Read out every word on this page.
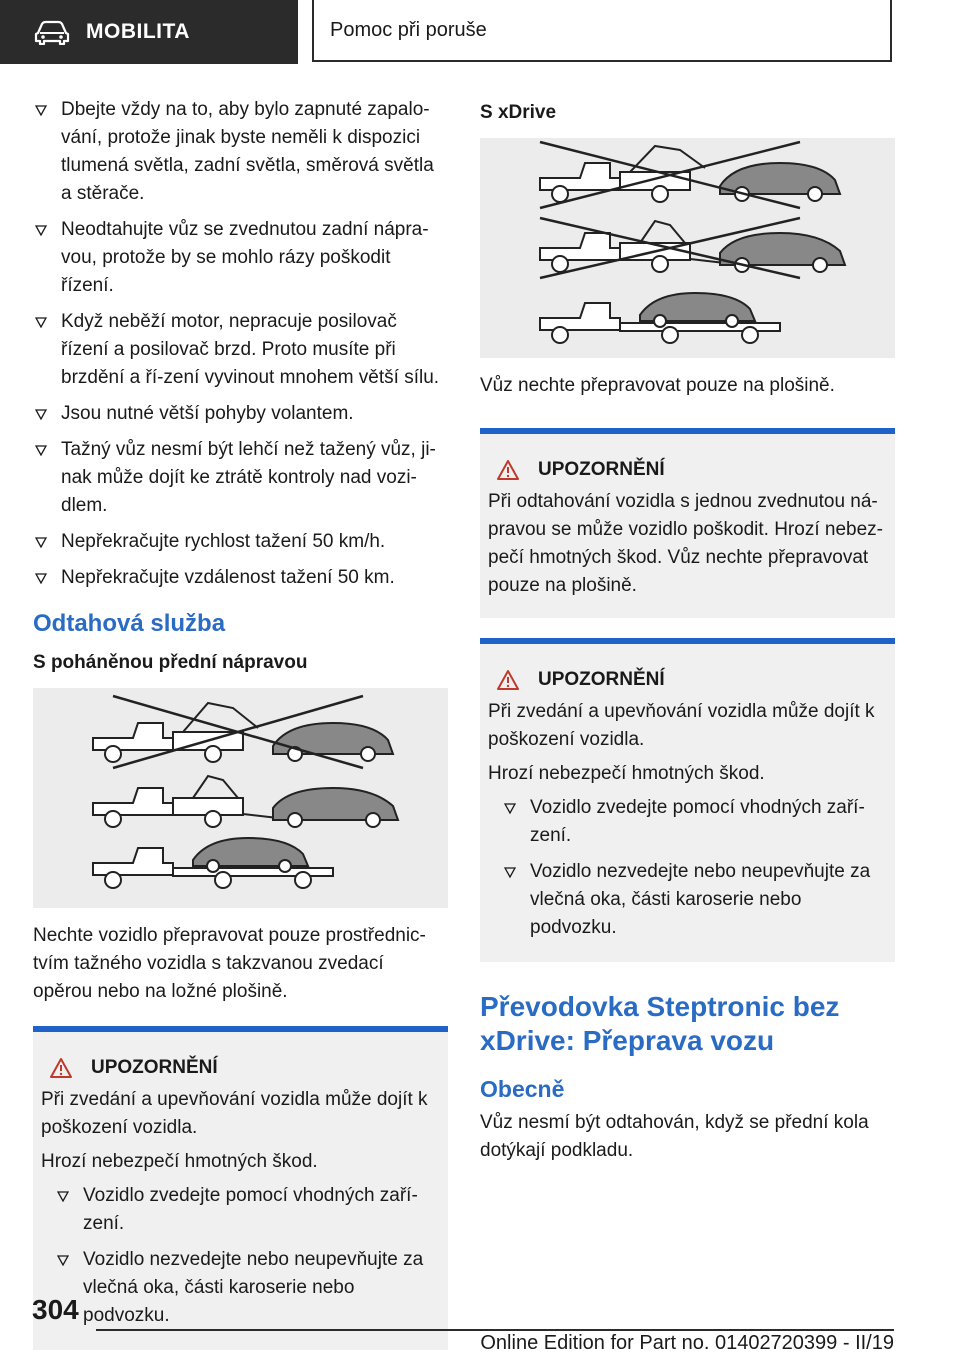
MOBILITA	Pomoc při poruše
Dbejte vždy na to, aby bylo zapnuté zapalo-vání, protože jinak byste neměli k dispozici tlumená světla, zadní světla, směrová světla a stěrače.
Neodtahujte vůz se zvednutou zadní nápra-vou, protože by se mohlo rázy poškodit řízení.
Když neběží motor, nepracuje posilovač řízení a posilovač brzd. Proto musíte při brzdění a ří-zení vyvinout mnohem větší sílu.
Jsou nutné větší pohyby volantem.
Tažný vůz nesmí být lehčí než tažený vůz, ji-nak může dojít ke ztrátě kontroly nad vozi-dlem.
Nepřekračujte rychlost tažení 50 km/h.
Nepřekračujte vzdálenost tažení 50 km.
Odtahová služba
S poháněnou přední nápravou

Nechte vozidlo přepravovat pouze prostřednic-tvím tažného vozidla s takzvanou zvedací opěrou nebo na ložné plošině.

UPOZORNĚNÍ

Při zvedání a upevňování vozidla může dojít k poškození vozidla.

Hrozí nebezpečí hmotných škod.

Vozidlo zvedejte pomocí vhodných zaří-zení.
Vozidlo nezvedejte nebo neupevňujte za vlečná oka, části karoserie nebo podvozku.
S xDrive

Vůz nechte přepravovat pouze na plošině.

UPOZORNĚNÍ

Při odtahování vozidla s jednou zvednutou ná-pravou se může vozidlo poškodit. Hrozí nebez-pečí hmotných škod. Vůz nechte přepravovat pouze na plošině.

UPOZORNĚNÍ

Při zvedání a upevňování vozidla může dojít k poškození vozidla.

Hrozí nebezpečí hmotných škod.

Vozidlo zvedejte pomocí vhodných zaří-zení.
Vozidlo nezvedejte nebo neupevňujte za vlečná oka, části karoserie nebo podvozku.
Převodovka Steptronic bez xDrive: Přeprava vozu
Obecně

Vůz nesmí být odtahován, když se přední kola dotýkají podkladu.

304
Online Edition for Part no. 01402720399 - II/19
